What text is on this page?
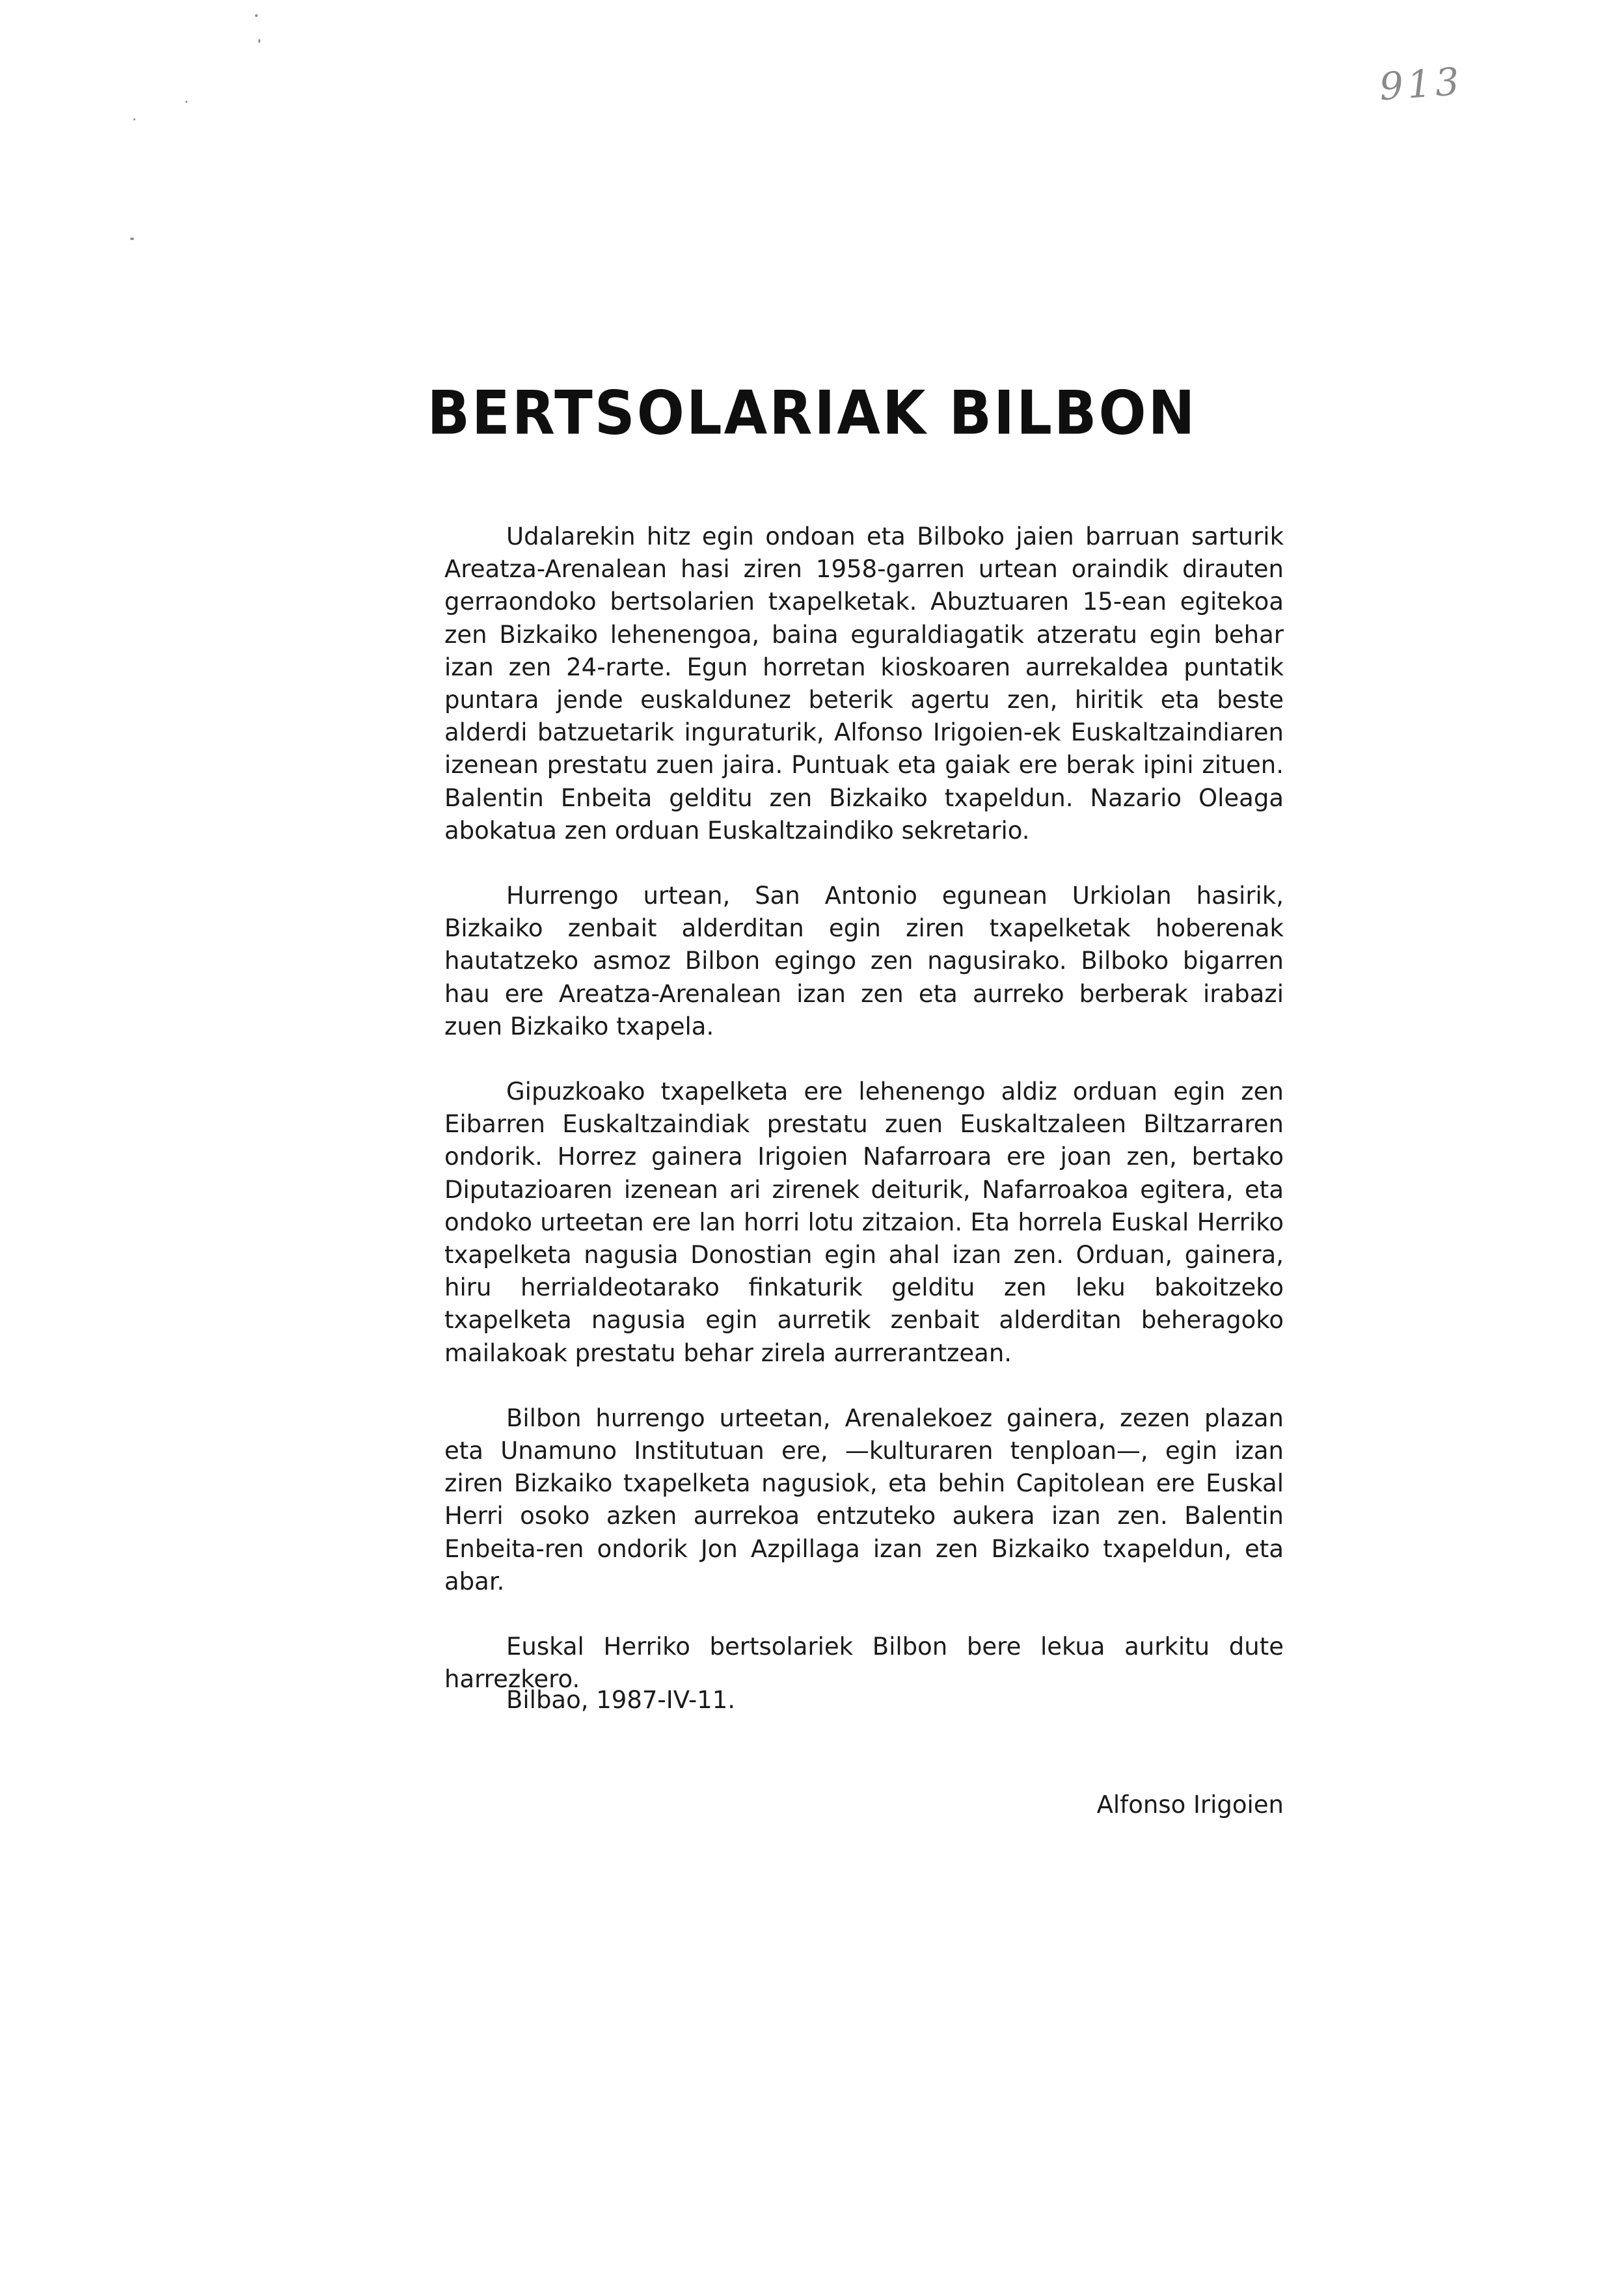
913
BERTSOLARIAK BILBON

Udalarekin hitz egin ondoan eta Bilboko jaien barruan sarturik Areatza-Arenalean hasi ziren 1958-garren urtean oraindik dirauten gerraondoko bertsolarien txapelketak. Abuztuaren 15-ean egitekoa zen Bizkaiko lehenengoa, baina eguraldiagatik atzeratu egin behar izan zen 24-rarte. Egun horretan kioskoaren aurrekaldea puntatik puntara jende euskaldunez beterik agertu zen, hiritik eta beste alderdi batzuetarik inguraturik, Alfonso Irigoien-ek Euskaltzaindiaren izenean prestatu zuen jaira. Puntuak eta gaiak ere berak ipini zituen. Balentin Enbeita gelditu zen Bizkaiko txapeldun. Nazario Oleaga abokatua zen orduan Euskaltzaindiko sekretario.

Hurrengo urtean, San Antonio egunean Urkiolan hasirik, Bizkaiko zenbait alderditan egin ziren txapelketak hoberenak hautatzeko asmoz Bilbon egingo zen nagusirako. Bilboko bigarren hau ere Areatza-Arenalean izan zen eta aurreko berberak irabazi zuen Bizkaiko txapela.

Gipuzkoako txapelketa ere lehenengo aldiz orduan egin zen Eibarren Euskaltzaindiak prestatu zuen Euskaltzaleen Biltzarraren ondorik. Horrez gainera Irigoien Nafarroara ere joan zen, bertako Diputazioaren izenean ari zirenek deiturik, Nafarroakoa egitera, eta ondoko urteetan ere lan horri lotu zitzaion. Eta horrela Euskal Herriko txapelketa nagusia Donostian egin ahal izan zen. Orduan, gainera, hiru herrialdeotarako finkaturik gelditu zen leku bakoitzeko txapelketa nagusia egin aurretik zenbait alderditan beheragoko mailakoak prestatu behar zirela aurrerantzean.

Bilbon hurrengo urteetan, Arenalekoez gainera, zezen plazan eta Unamuno Institutuan ere, —kulturaren tenploan—, egin izan ziren Bizkaiko txapelketa nagusiok, eta behin Capitolean ere Euskal Herri osoko azken aurrekoa entzuteko aukera izan zen. Balentin Enbeita-ren ondorik Jon Azpillaga izan zen Bizkaiko txapeldun, eta abar.

Euskal Herriko bertsolariek Bilbon bere lekua aurkitu dute harrezkero.

Bilbao, 1987-IV-11.
Alfonso Irigoien
